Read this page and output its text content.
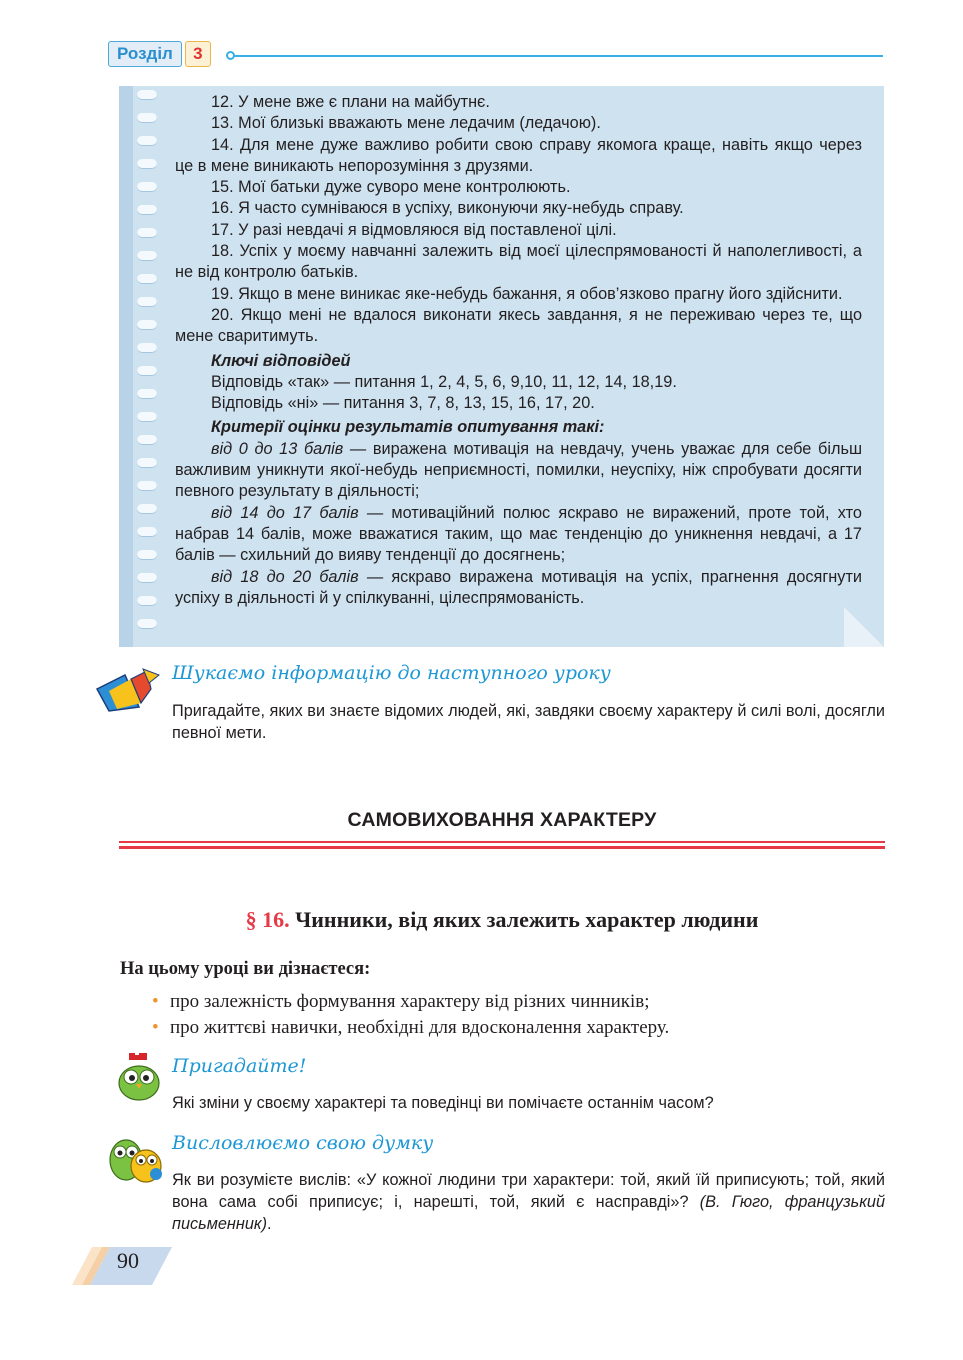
Розділ	3

12. У мене вже є плани на майбутнє.

13. Мої близькі вважають мене ледачим (ледачою).

14. Для мене дуже важливо робити свою справу якомога краще, навіть якщо через це в мене виникають непорозуміння з друзями.

15. Мої батьки дуже суворо мене контролюють.

16. Я часто сумніваюся в успіху, виконуючи яку-небудь справу.

17. У разі невдачі я відмовляюся від поставленої цілі.

18. Успіх у моєму навчанні залежить від моєї цілеспрямованості й наполегливості, а не від контролю батьків.

19. Якщо в мене виникає яке-небудь бажання, я обов’язково прагну його здійснити.

20. Якщо мені не вдалося виконати якесь завдання, я не переживаю через те, що мене сваритимуть.

Ключі відповідей

Відповідь «так» — питання 1, 2, 4, 5, 6, 9,10, 11, 12, 14, 18,19.

Відповідь «ні» — питання 3, 7, 8, 13, 15, 16, 17, 20.

Критерії оцінки результатів опитування такі:

від 0 до 13 балів — виражена мотивація на невдачу, учень уважає для себе більш важливим уникнути якої-небудь неприємності, помилки, неуспіху, ніж спробувати досягти певного результату в діяльності;

від 14 до 17 балів — мотиваційний полюс яскраво не виражений, проте той, хто набрав 14 балів, може вважатися таким, що має тенденцію до уникнення невдачі, а 17 балів — схильний до вияву тенденції до досягнень;

від 18 до 20 балів — яскраво виражена мотивація на успіх, прагнення досягнути успіху в діяльності й у спілкуванні, цілеспрямованість.

Шукаємо інформацію до наступного уроку

Пригадайте, яких ви знаєте відомих людей, які, завдяки своєму характеру й силі волі, досягли певної мети.

САМОВИХОВАННЯ ХАРАКТЕРУ
§ 16. Чинники, від яких залежить характер людини
На цьому уроці ви дізнаєтеся:
• про залежність формування характеру від різних чинників;
• про життєві навички, необхідні для вдосконалення характеру.
Пригадайте!

Які зміни у своєму характері та поведінці ви помічаєте останнім часом?

Висловлюємо свою думку

Як ви розумієте вислів: «У кожної людини три характери: той, який їй приписують; той, який вона сама собі приписує; і, нарешті, той, який є насправді»? (В. Гюго, французький письменник).

90
